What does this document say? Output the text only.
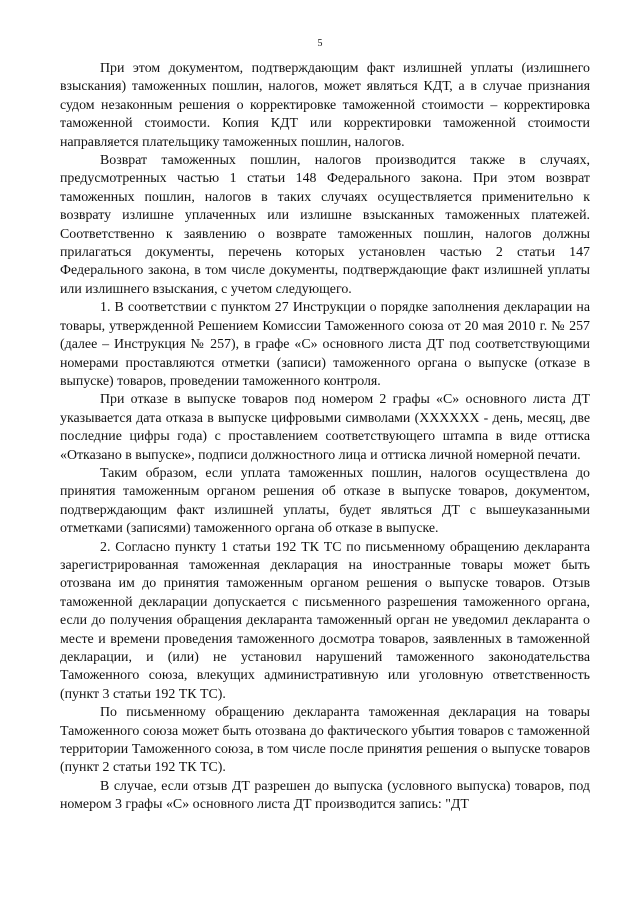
5

При этом документом, подтверждающим факт излишней уплаты (излишнего взыскания) таможенных пошлин, налогов, может являться КДТ, а в случае признания судом незаконным решения о корректировке таможенной стоимости – корректировка таможенной стоимости. Копия КДТ или корректировки таможенной стоимости направляется плательщику таможенных пошлин, налогов.

Возврат таможенных пошлин, налогов производится также в случаях, предусмотренных частью 1 статьи 148 Федерального закона. При этом возврат таможенных пошлин, налогов в таких случаях осуществляется применительно к возврату излишне уплаченных или излишне взысканных таможенных платежей. Соответственно к заявлению о возврате таможенных пошлин, налогов должны прилагаться документы, перечень которых установлен частью 2 статьи 147 Федерального закона, в том числе документы, подтверждающие факт излишней уплаты или излишнего взыскания, с учетом следующего.

1. В соответствии с пунктом 27 Инструкции о порядке заполнения декларации на товары, утвержденной Решением Комиссии Таможенного союза от 20 мая 2010 г. № 257 (далее – Инструкция № 257), в графе «С» основного листа ДТ под соответствующими номерами проставляются отметки (записи) таможенного органа о выпуске (отказе в выпуске) товаров, проведении таможенного контроля.

При отказе в выпуске товаров под номером 2 графы «С» основного листа ДТ указывается дата отказа в выпуске цифровыми символами (ХХХХХХ - день, месяц, две последние цифры года) с проставлением соответствующего штампа в виде оттиска «Отказано в выпуске», подписи должностного лица и оттиска личной номерной печати.

Таким образом, если уплата таможенных пошлин, налогов осуществлена до принятия таможенным органом решения об отказе в выпуске товаров, документом, подтверждающим факт излишней уплаты, будет являться ДТ с вышеуказанными отметками (записями) таможенного органа об отказе в выпуске.

2. Согласно пункту 1 статьи 192 ТК ТС по письменному обращению декларанта зарегистрированная таможенная декларация на иностранные товары может быть отозвана им до принятия таможенным органом решения о выпуске товаров. Отзыв таможенной декларации допускается с письменного разрешения таможенного органа, если до получения обращения декларанта таможенный орган не уведомил декларанта о месте и времени проведения таможенного досмотра товаров, заявленных в таможенной декларации, и (или) не установил нарушений таможенного законодательства Таможенного союза, влекущих административную или уголовную ответственность (пункт 3 статьи 192 ТК ТС).

По письменному обращению декларанта таможенная декларация на товары Таможенного союза может быть отозвана до фактического убытия товаров с таможенной территории Таможенного союза, в том числе после принятия решения о выпуске товаров (пункт 2 статьи 192 ТК ТС).

В случае, если отзыв ДТ разрешен до выпуска (условного выпуска) товаров, под номером 3 графы «С» основного листа ДТ производится запись: "ДТ
